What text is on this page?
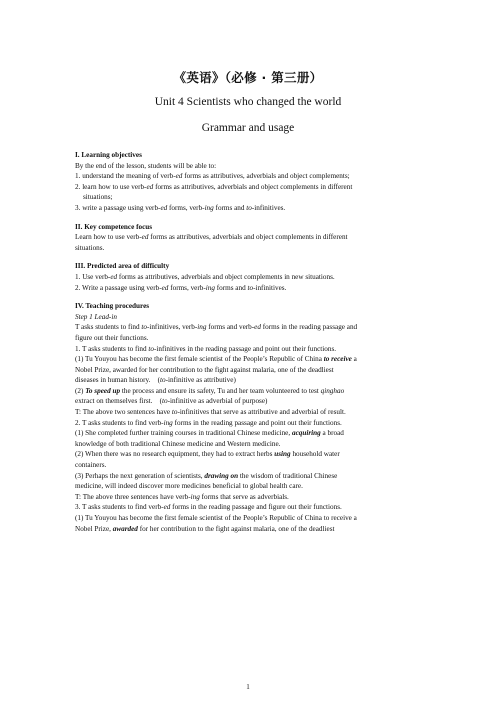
《英语》（必修 · 第三册）
Unit 4 Scientists who changed the world
Grammar and usage

I. Learning objectives

By the end of the lesson, students will be able to:

1. understand the meaning of verb-ed forms as attributives, adverbials and object complements;

2. learn how to use verb-ed forms as attributives, adverbials and object complements in different

situations;

3. write a passage using verb-ed forms, verb-ing forms and to-infinitives.

II. Key competence focus

Learn how to use verb-ed forms as attributives, adverbials and object complements in different

situations.

III. Predicted area of difficulty

1. Use verb-ed forms as attributives, adverbials and object complements in new situations.

2. Write a passage using verb-ed forms, verb-ing forms and to-infinitives.

IV. Teaching procedures

Step 1 Lead-in

T asks students to find to-infinitives, verb-ing forms and verb-ed forms in the reading passage and

figure out their functions.

1. T asks students to find to-infinitives in the reading passage and point out their functions.

(1) Tu Youyou has become the first female scientist of the People’s Republic of China to receive a

Nobel Prize, awarded for her contribution to the fight against malaria, one of the deadliest

diseases in human history. (to-infinitive as attributive)

(2) To speed up the process and ensure its safety, Tu and her team volunteered to test qinghao

extract on themselves first. (to-infinitive as adverbial of purpose)

T: The above two sentences have to-infinitives that serve as attributive and adverbial of result.

2. T asks students to find verb-ing forms in the reading passage and point out their functions.

(1) She completed further training courses in traditional Chinese medicine, acquiring a broad

knowledge of both traditional Chinese medicine and Western medicine.

(2) When there was no research equipment, they had to extract herbs using household water

containers.

(3) Perhaps the next generation of scientists, drawing on the wisdom of traditional Chinese

medicine, will indeed discover more medicines beneficial to global health care.

T: The above three sentences have verb-ing forms that serve as adverbials.

3. T asks students to find verb-ed forms in the reading passage and figure out their functions.

(1) Tu Youyou has become the first female scientist of the People’s Republic of China to receive a

Nobel Prize, awarded for her contribution to the fight against malaria, one of the deadliest

1
